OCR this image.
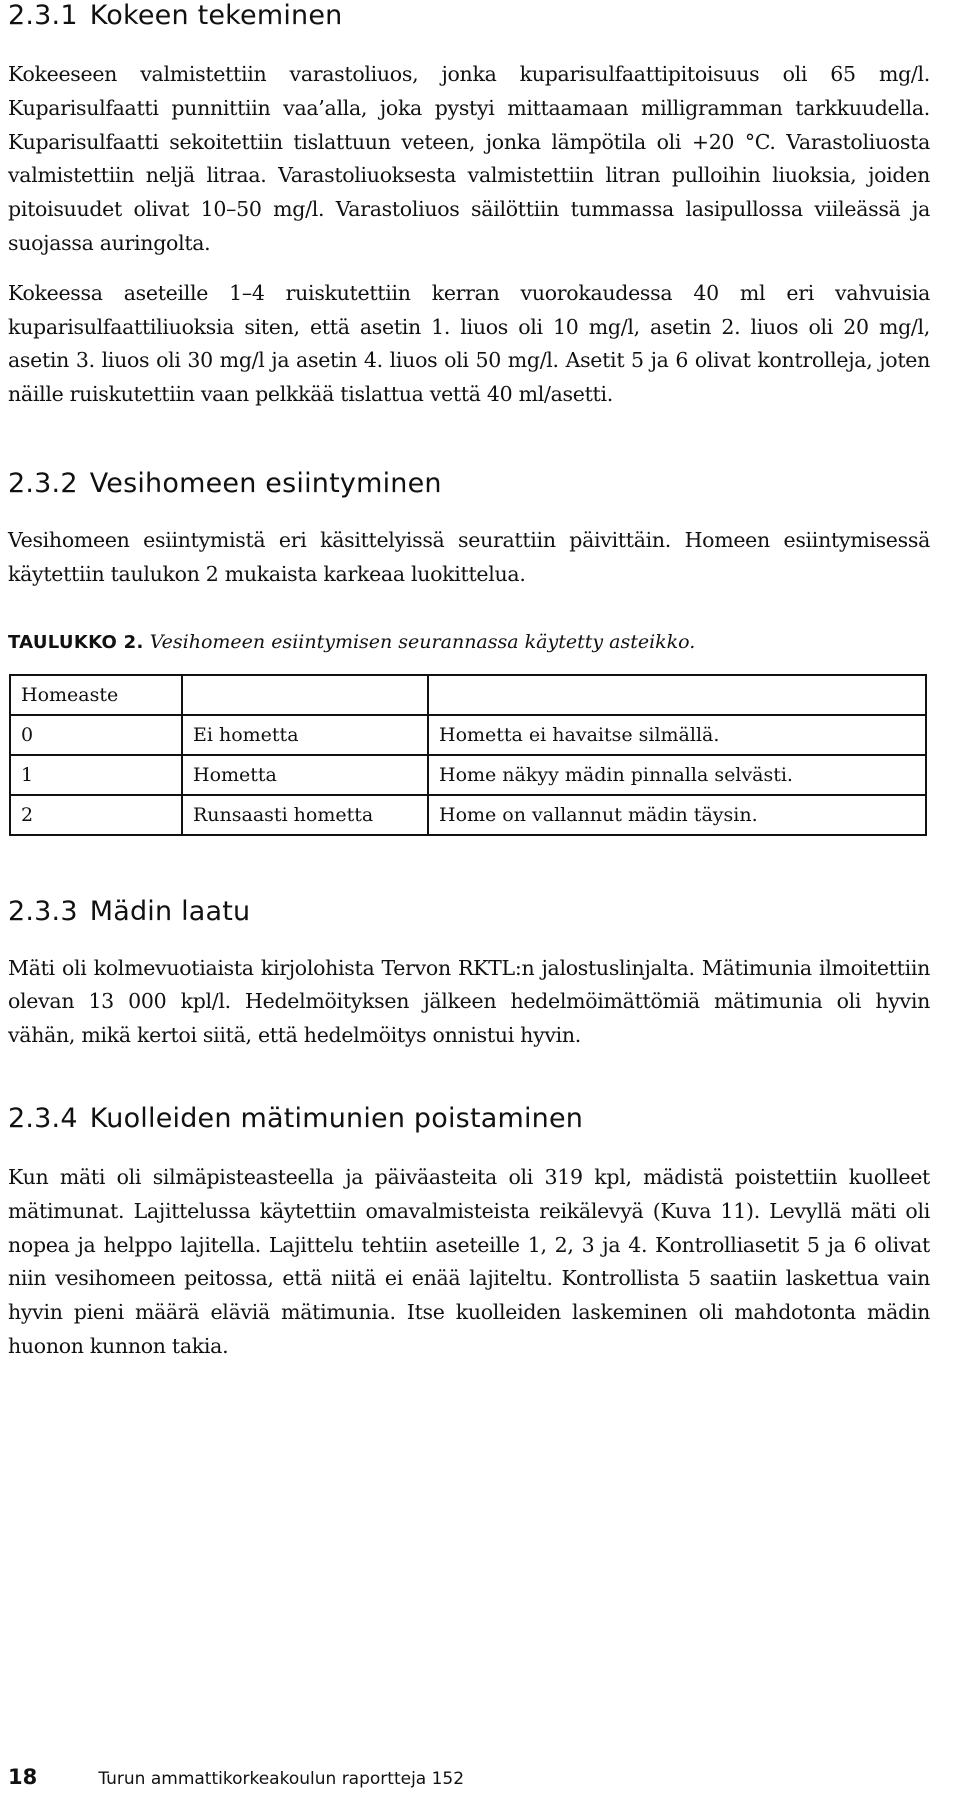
2.3.1 Kokeen tekeminen

Kokeeseen valmistettiin varastoliuos, jonka kuparisulfaattipitoisuus oli 65 mg/l. Kuparisulfaatti punnittiin vaa’alla, joka pystyi mittaamaan milligramman tarkkuudella. Kuparisulfaatti sekoitettiin tislattuun veteen, jonka lämpötila oli +20 °C. Varastoliuosta valmistettiin neljä litraa. Varastoliuoksesta valmistettiin litran pulloihin liuoksia, joiden pitoisuudet olivat 10–50 mg/l. Varastoliuos säilöttiin tummassa lasipullossa viileässä ja suojassa auringolta.

Kokeessa aseteille 1–4 ruiskutettiin kerran vuorokaudessa 40 ml eri vahvuisia kuparisulfaattiliuoksia siten, että asetin 1. liuos oli 10 mg/l, asetin 2. liuos oli 20 mg/l, asetin 3. liuos oli 30 mg/l ja asetin 4. liuos oli 50 mg/l. Asetit 5 ja 6 olivat kontrolleja, joten näille ruiskutettiin vaan pelkkää tislattua vettä 40 ml/asetti.

2.3.2 Vesihomeen esiintyminen

Vesihomeen esiintymistä eri käsittelyissä seurattiin päivittäin. Homeen esiintymisessä käytettiin taulukon 2 mukaista karkeaa luokittelua.

TAULUKKO 2. Vesihomeen esiintymisen seurannassa käytetty asteikko.
Homeaste		
0	Ei hometta	Hometta ei havaitse silmällä.
1	Hometta	Home näkyy mädin pinnalla selvästi.
2	Runsaasti hometta	Home on vallannut mädin täysin.
2.3.3 Mädin laatu

Mäti oli kolmevuotiaista kirjolohista Tervon RKTL:n jalostuslinjalta. Mätimunia ilmoitettiin olevan 13 000 kpl/l. Hedelmöityksen jälkeen hedelmöimättömiä mätimunia oli hyvin vähän, mikä kertoi siitä, että hedelmöitys onnistui hyvin.

2.3.4 Kuolleiden mätimunien poistaminen

Kun mäti oli silmäpisteasteella ja päiväasteita oli 319 kpl, mädistä poistettiin kuolleet mätimunat. Lajittelussa käytettiin omavalmisteista reikälevyä (Kuva 11). Levyllä mäti oli nopea ja helppo lajitella. Lajittelu tehtiin aseteille 1, 2, 3 ja 4. Kontrolliasetit 5 ja 6 olivat niin vesihomeen peitossa, että niitä ei enää lajiteltu. Kontrollista 5 saatiin laskettua vain hyvin pieni määrä eläviä mätimunia. Itse kuolleiden laskeminen oli mahdotonta mädin huonon kunnon takia.

18	Turun ammattikorkeakoulun raportteja 152
